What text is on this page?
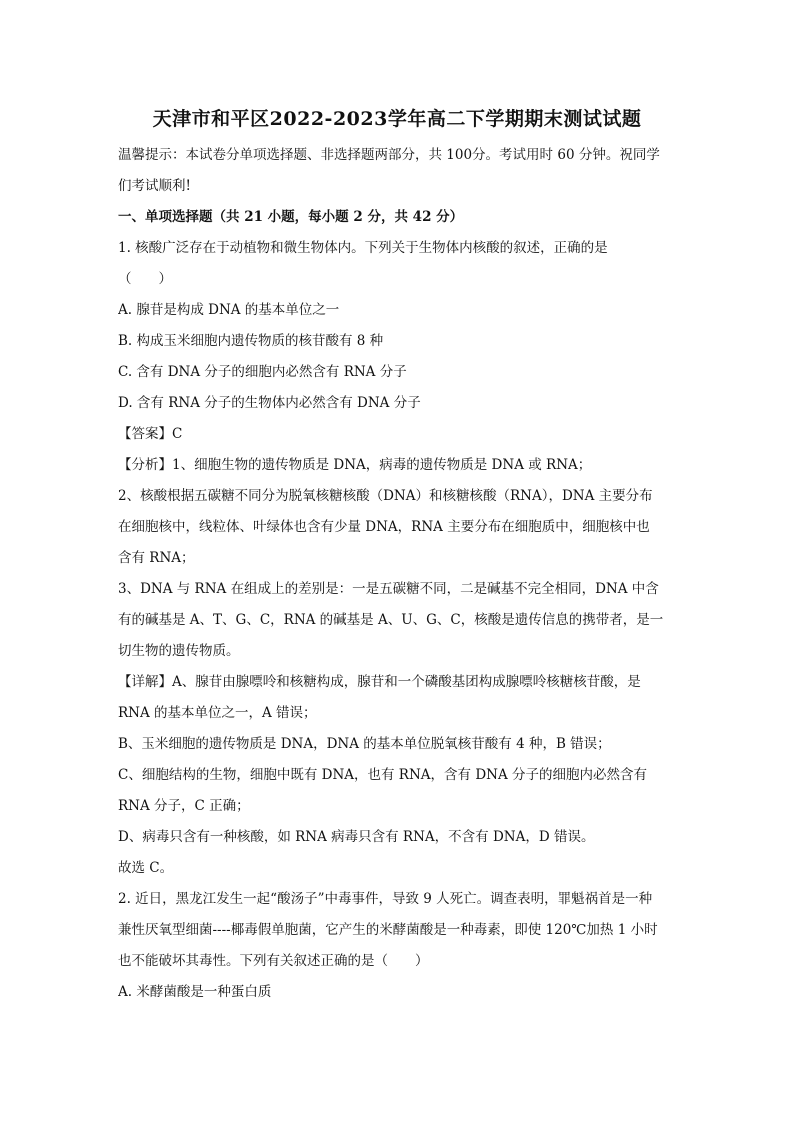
天津市和平区2022-2023学年高二下学期期末测试试题
温馨提示：本试卷分单项选择题、非选择题两部分，共 100分。考试用时 60 分钟。祝同学
们考试顺利!
一、单项选择题（共 21 小题，每小题 2 分，共 42 分）
1. 核酸广泛存在于动植物和微生物体内。下列关于生物体内核酸的叙述，正确的是
（　　）
A. 腺苷是构成 DNA 的基本单位之一
B. 构成玉米细胞内遗传物质的核苷酸有 8 种
C. 含有 DNA 分子的细胞内必然含有 RNA 分子
D. 含有 RNA 分子的生物体内必然含有 DNA 分子
【答案】C
【分析】1、细胞生物的遗传物质是 DNA，病毒的遗传物质是 DNA 或 RNA；
2、核酸根据五碳糖不同分为脱氧核糖核酸（DNA）和核糖核酸（RNA），DNA 主要分布
在细胞核中，线粒体、叶绿体也含有少量 DNA，RNA 主要分布在细胞质中，细胞核中也
含有 RNA；
3、DNA 与 RNA 在组成上的差别是：一是五碳糖不同，二是碱基不完全相同，DNA 中含
有的碱基是 A、T、G、C，RNA 的碱基是 A、U、G、C，核酸是遗传信息的携带者，是一
切生物的遗传物质。
【详解】A、腺苷由腺嘌呤和核糖构成，腺苷和一个磷酸基团构成腺嘌呤核糖核苷酸，是
RNA 的基本单位之一，A 错误；
B、玉米细胞的遗传物质是 DNA，DNA 的基本单位脱氧核苷酸有 4 种，B 错误；
C、细胞结构的生物，细胞中既有 DNA，也有 RNA，含有 DNA 分子的细胞内必然含有
RNA 分子，C 正确；
D、病毒只含有一种核酸，如 RNA 病毒只含有 RNA，不含有 DNA，D 错误。
故选 C。
2. 近日，黑龙江发生一起“酸汤子”中毒事件，导致 9 人死亡。调查表明，罪魁祸首是一种
兼性厌氧型细菌----椰毒假单胞菌，它产生的米酵菌酸是一种毒素，即使 120℃加热 1 小时
也不能破坏其毒性。下列有关叙述正确的是（　　）
A. 米酵菌酸是一种蛋白质
